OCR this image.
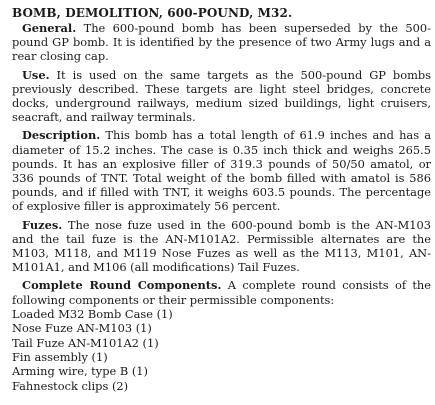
BOMB, DEMOLITION, 600-POUND, M32.

General. The 600-pound bomb has been superseded by the 500-pound GP bomb. It is identified by the presence of two Army lugs and a rear closing cap.

Use. It is used on the same targets as the 500-pound GP bombs previously described. These targets are light steel bridges, concrete docks, underground railways, medium sized buildings, light cruisers, seacraft, and railway terminals.

Description. This bomb has a total length of 61.9 inches and has a diameter of 15.2 inches. The case is 0.35 inch thick and weighs 265.5 pounds. It has an explosive filler of 319.3 pounds of 50/50 amatol, or 336 pounds of TNT. Total weight of the bomb filled with amatol is 586 pounds, and if filled with TNT, it weighs 603.5 pounds. The percentage of explosive filler is approximately 56 percent.

Fuzes. The nose fuze used in the 600-pound bomb is the AN-M103 and the tail fuze is the AN-M101A2. Permissible alternates are the M103, M118, and M119 Nose Fuzes as well as the M113, M101, AN-M101A1, and M106 (all modifications) Tail Fuzes.

Complete Round Components. A complete round consists of the following components or their permissible components:

Loaded M32 Bomb Case (1)
Nose Fuze AN-M103 (1)
Tail Fuze AN-M101A2 (1)
Fin assembly (1)
Arming wire, type B (1)
Fahnestock clips (2)
